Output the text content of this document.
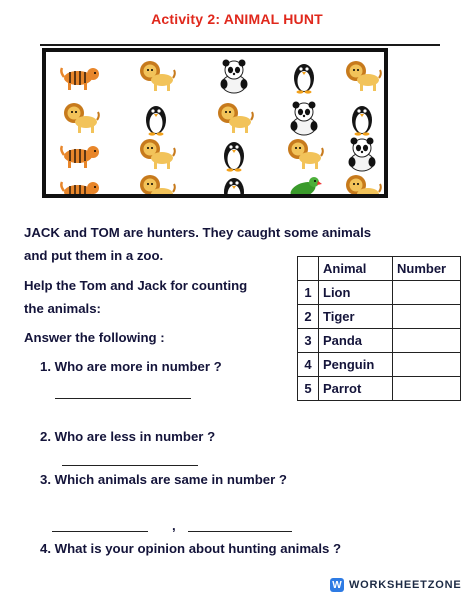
Activity 2: ANIMAL HUNT
JACK and TOM are hunters. They caught some animals
and put them in a zoo.
Help the Tom and Jack for counting
the animals:
Answer the following :
1. Who are more in number ?
2. Who are less in number ?
3. Which animals are same in number ?
,
4. What is your opinion about hunting animals ?
	Animal	Number
1	Lion	
2	Tiger	
3	Panda	
4	Penguin	
5	Parrot	
W WORKSHEETZONE
